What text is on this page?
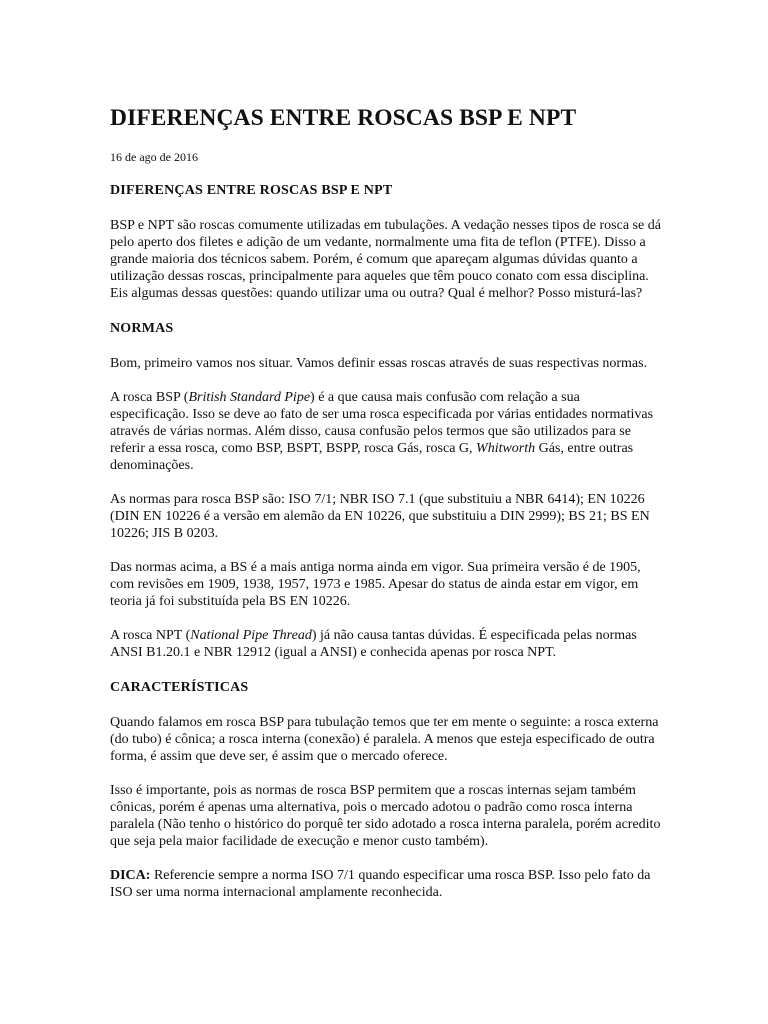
DIFERENÇAS ENTRE ROSCAS BSP E NPT

16 de ago de 2016

DIFERENÇAS ENTRE ROSCAS BSP E NPT

BSP e NPT são roscas comumente utilizadas em tubulações. A vedação nesses tipos de rosca se dá pelo aperto dos filetes e adição de um vedante, normalmente uma fita de teflon (PTFE). Disso a grande maioria dos técnicos sabem. Porém, é comum que apareçam algumas dúvidas quanto a utilização dessas roscas, principalmente para aqueles que têm pouco conato com essa disciplina. Eis algumas dessas questões: quando utilizar uma ou outra? Qual é melhor? Posso misturá-las?

NORMAS

Bom, primeiro vamos nos situar. Vamos definir essas roscas através de suas respectivas normas.

A rosca BSP (British Standard Pipe) é a que causa mais confusão com relação a sua especificação. Isso se deve ao fato de ser uma rosca especificada por várias entidades normativas através de várias normas. Além disso, causa confusão pelos termos que são utilizados para se referir a essa rosca, como BSP, BSPT, BSPP, rosca Gás, rosca G, Whitworth Gás, entre outras denominações.

As normas para rosca BSP são: ISO 7/1; NBR ISO 7.1 (que substituiu a NBR 6414); EN 10226 (DIN EN 10226 é a versão em alemão da EN 10226, que substituiu a DIN 2999); BS 21; BS EN 10226; JIS B 0203.

Das normas acima, a BS é a mais antiga norma ainda em vigor. Sua primeira versão é de 1905, com revisões em 1909, 1938, 1957, 1973 e 1985. Apesar do status de ainda estar em vigor, em teoria já foi substituída pela BS EN 10226.

A rosca NPT (National Pipe Thread) já não causa tantas dúvidas. É especificada pelas normas ANSI B1.20.1 e NBR 12912 (igual a ANSI) e conhecida apenas por rosca NPT.

CARACTERÍSTICAS

Quando falamos em rosca BSP para tubulação temos que ter em mente o seguinte: a rosca externa (do tubo) é cônica; a rosca interna (conexão) é paralela. A menos que esteja especificado de outra forma, é assim que deve ser, é assim que o mercado oferece.

Isso é importante, pois as normas de rosca BSP permitem que a roscas internas sejam também cônicas, porém é apenas uma alternativa, pois o mercado adotou o padrão como rosca interna paralela (Não tenho o histórico do porquê ter sido adotado a rosca interna paralela, porém acredito que seja pela maior facilidade de execução e menor custo também).

DICA: Referencie sempre a norma ISO 7/1 quando especificar uma rosca BSP. Isso pelo fato da ISO ser uma norma internacional amplamente reconhecida.
